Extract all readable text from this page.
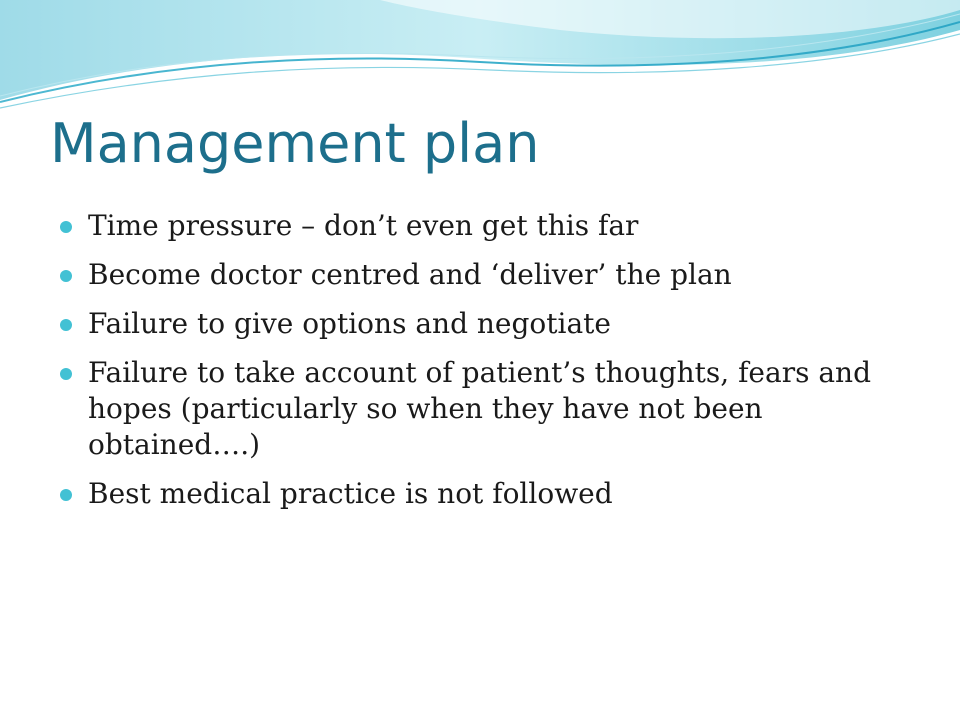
Management plan
Time pressure – don’t even get this far
Become doctor centred and ‘deliver’ the plan
Failure to give options and negotiate
Failure to take account of patient’s thoughts, fears and hopes (particularly so when they have not been obtained….)
Best medical practice is not followed
